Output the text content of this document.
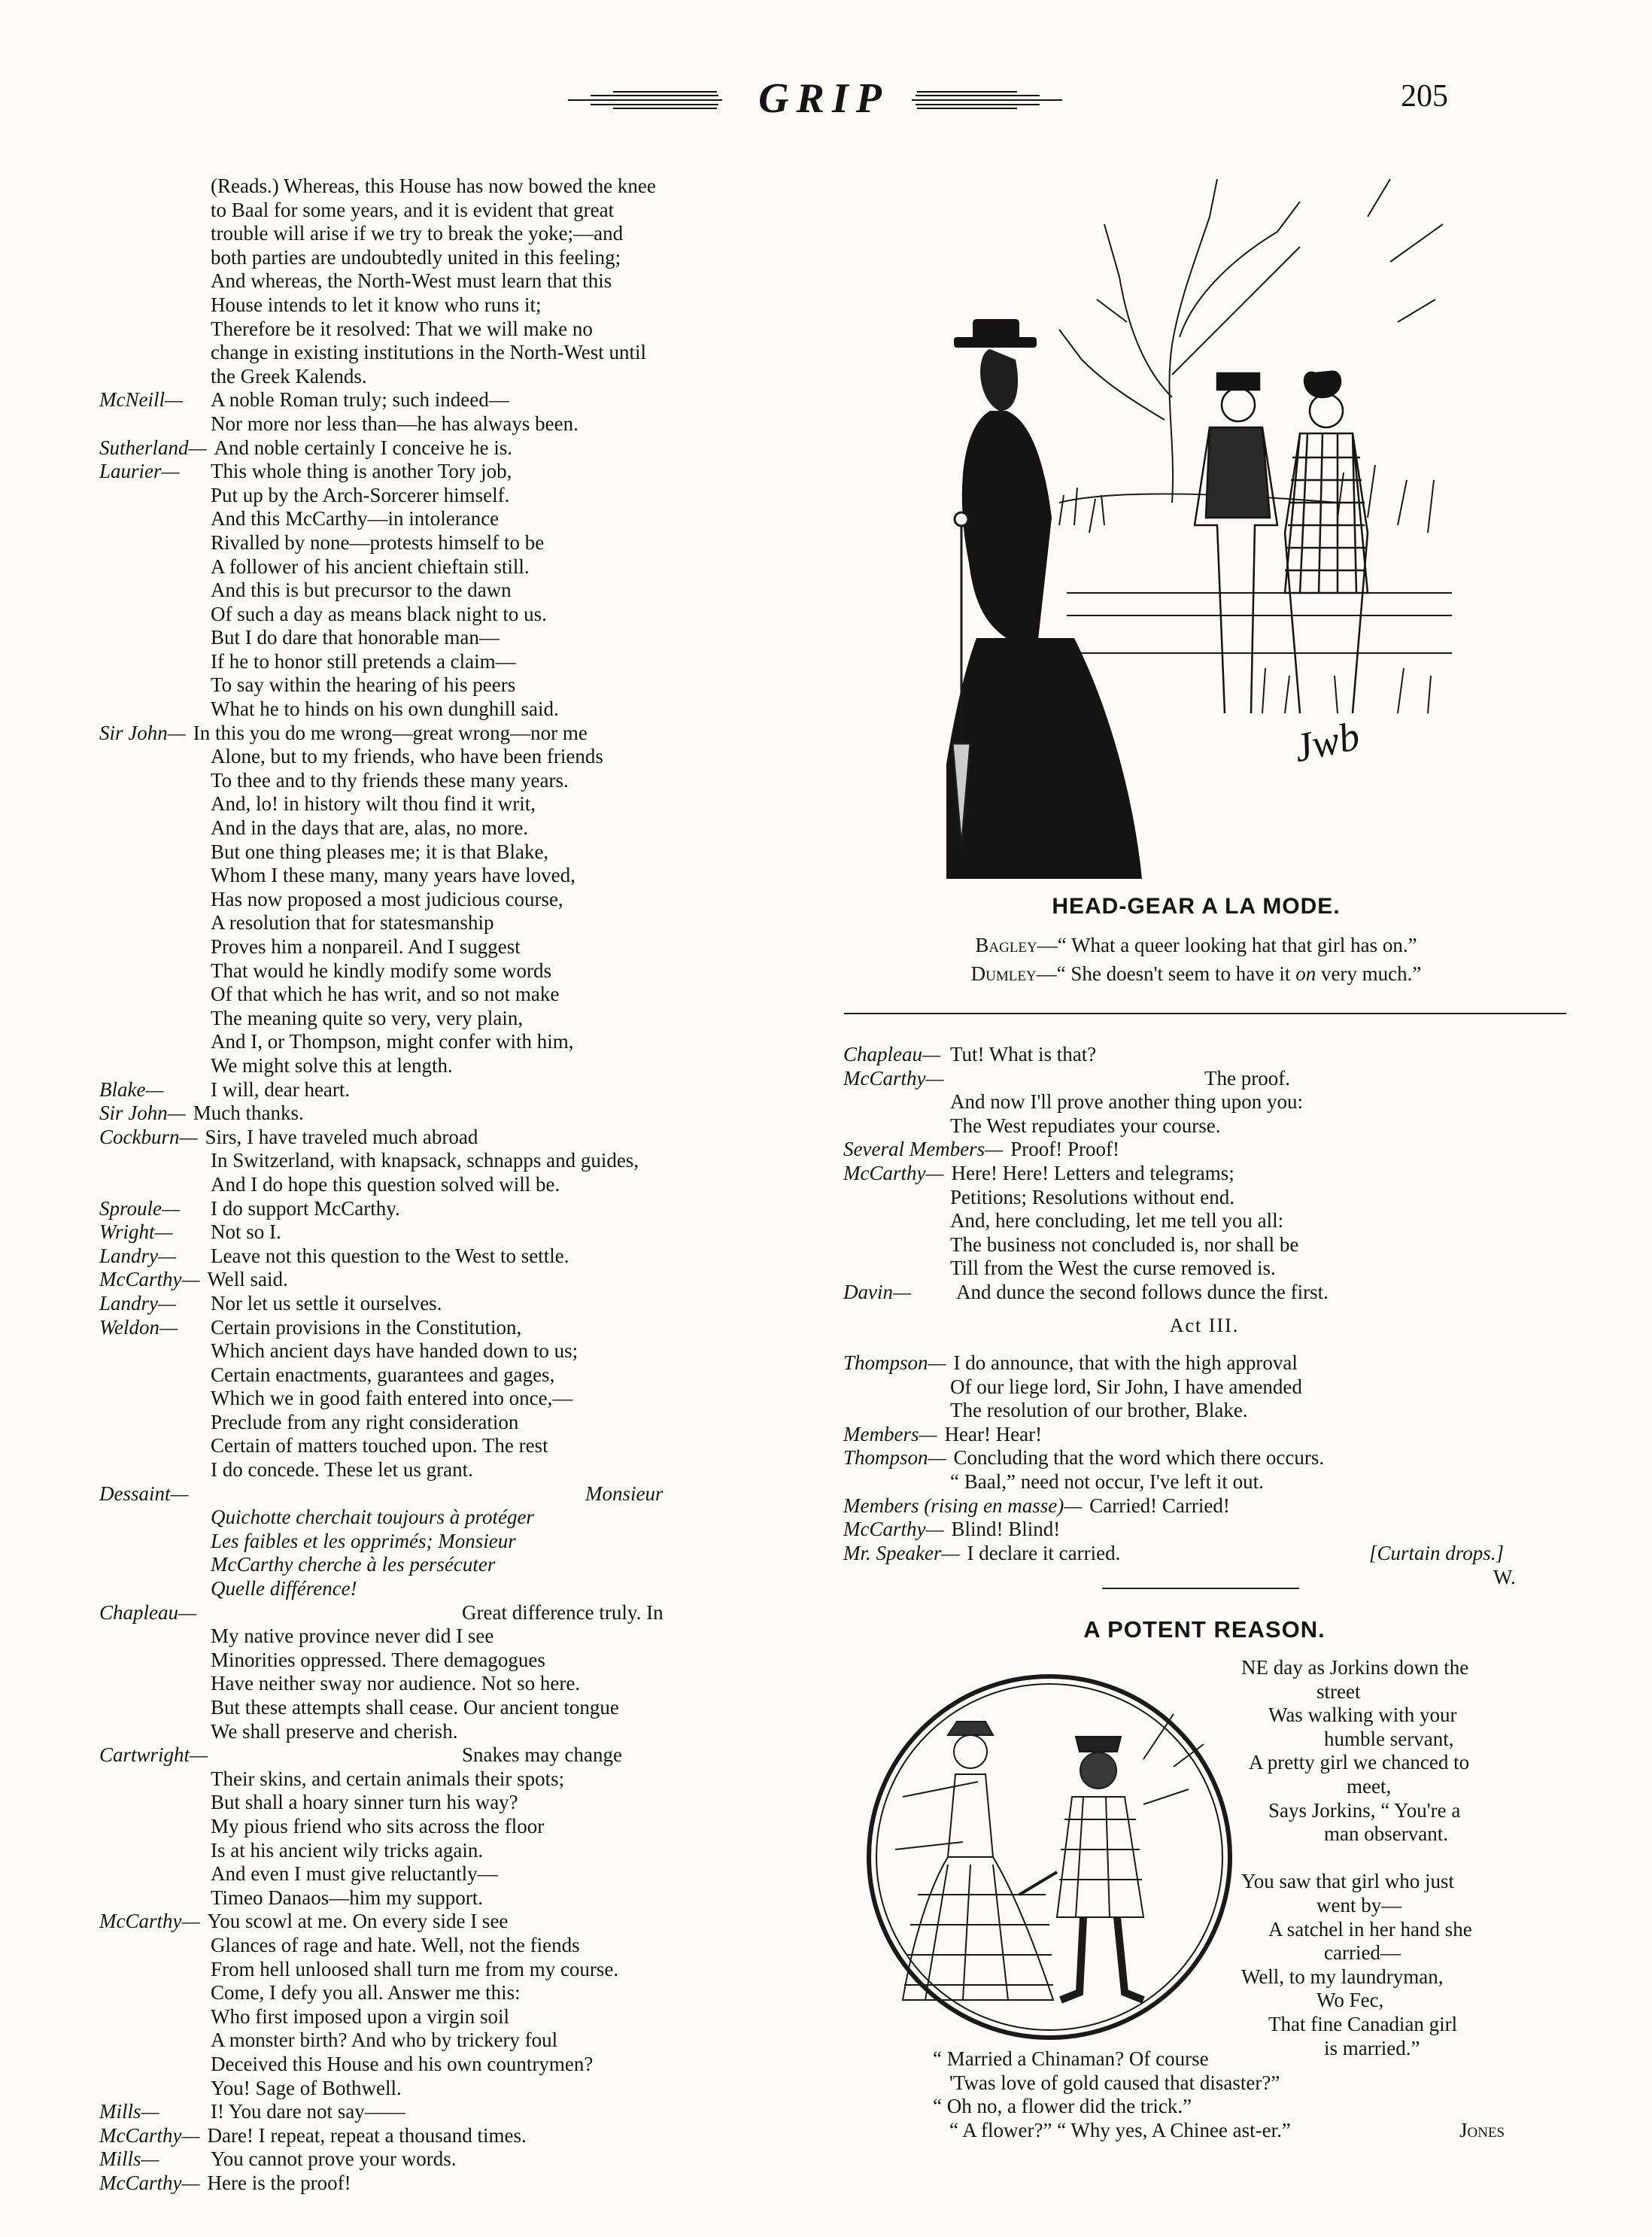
GRIP	205
(Reads.) Whereas, this House has now bowed the knee
to Baal for some years, and it is evident that great
trouble will arise if we try to break the yoke;—and
both parties are undoubtedly united in this feeling;
And whereas, the North-West must learn that this
House intends to let it know who runs it;
Therefore be it resolved: That we will make no
change in existing institutions in the North-West until
the Greek Kalends.
McNeill— A noble Roman truly; such indeed—
Nor more nor less than—he has always been.
Sutherland— And noble certainly I conceive he is.
Laurier— This whole thing is another Tory job,
Put up by the Arch-Sorcerer himself.
And this McCarthy—in intolerance
Rivalled by none—protests himself to be
A follower of his ancient chieftain still.
And this is but precursor to the dawn
Of such a day as means black night to us.
But I do dare that honorable man—
If he to honor still pretends a claim—
To say within the hearing of his peers
What he to hinds on his own dunghill said.
Sir John— In this you do me wrong—great wrong—nor me
Alone, but to my friends, who have been friends
To thee and to thy friends these many years.
And, lo! in history wilt thou find it writ,
And in the days that are, alas, no more.
But one thing pleases me; it is that Blake,
Whom I these many, many years have loved,
Has now proposed a most judicious course,
A resolution that for statesmanship
Proves him a nonpareil. And I suggest
That would he kindly modify some words
Of that which he has writ, and so not make
The meaning quite so very, very plain,
And I, or Thompson, might confer with him,
We might solve this at length.
Blake— I will, dear heart.
Sir John— Much thanks.
Cockburn— Sirs, I have traveled much abroad
In Switzerland, with knapsack, schnapps and guides,
And I do hope this question solved will be.
Sproule— I do support McCarthy.
Wright— Not so I.
Landry— Leave not this question to the West to settle.
McCarthy— Well said.
Landry— Nor let us settle it ourselves.
Weldon— Certain provisions in the Constitution,
Which ancient days have handed down to us;
Certain enactments, guarantees and gages,
Which we in good faith entered into once,—
Preclude from any right consideration
Certain of matters touched upon. The rest
I do concede. These let us grant.
Dessaint—	Monsieur
Quichotte cherchait toujours à protéger
Les faibles et les opprimés; Monsieur
McCarthy cherche à les persécuter
Quelle différence!
Chapleau—	Great difference truly. In
My native province never did I see
Minorities oppressed. There demagogues
Have neither sway nor audience. Not so here.
But these attempts shall cease. Our ancient tongue
We shall preserve and cherish.
Cartwright—	Snakes may change
Their skins, and certain animals their spots;
But shall a hoary sinner turn his way?
My pious friend who sits across the floor
Is at his ancient wily tricks again.
And even I must give reluctantly—
Timeo Danaos—him my support.
McCarthy— You scowl at me. On every side I see
Glances of rage and hate. Well, not the fiends
From hell unloosed shall turn me from my course.
Come, I defy you all. Answer me this:
Who first imposed upon a virgin soil
A monster birth? And who by trickery foul
Deceived this House and his own countrymen?
You! Sage of Bothwell.
Mills—	I! You dare not say——
McCarthy— Dare! I repeat, repeat a thousand times.
Mills—	You cannot prove your words.
McCarthy— Here is the proof!
Jwb
HEAD-GEAR A LA MODE.
Bagley—“ What a queer looking hat that girl has on.”
Dumley—“ She doesn't seem to have it on very much.”
Chapleau— Tut! What is that?
McCarthy—	The proof.
And now I'll prove another thing upon you:
The West repudiates your course.
Several Members— Proof! Proof!
McCarthy— Here! Here! Letters and telegrams;
Petitions; Resolutions without end.
And, here concluding, let me tell you all:
The business not concluded is, nor shall be
Till from the West the curse removed is.
Davin— And dunce the second follows dunce the first.
Act III.
Thompson— I do announce, that with the high approval
Of our liege lord, Sir John, I have amended
The resolution of our brother, Blake.
Members— Hear! Hear!
Thompson— Concluding that the word which there occurs.
“ Baal,” need not occur, I've left it out.
Members (rising en masse)— Carried! Carried!
McCarthy— Blind! Blind!
Mr. Speaker— I declare it carried.	[Curtain drops.]
W.
A POTENT REASON.
NE day as Jorkins down the
street
Was walking with your
humble servant,
A pretty girl we chanced to
meet,
Says Jorkins, “ You're a
man observant.
You saw that girl who just
went by—
A satchel in her hand she
carried—
Well, to my laundryman,
Wo Fec,
That fine Canadian girl
is married.”
“ Married a Chinaman? Of course
'Twas love of gold caused that disaster?”
“ Oh no, a flower did the trick.”
“ A flower?” “ Why yes, A Chinee ast-er.”	Jones
